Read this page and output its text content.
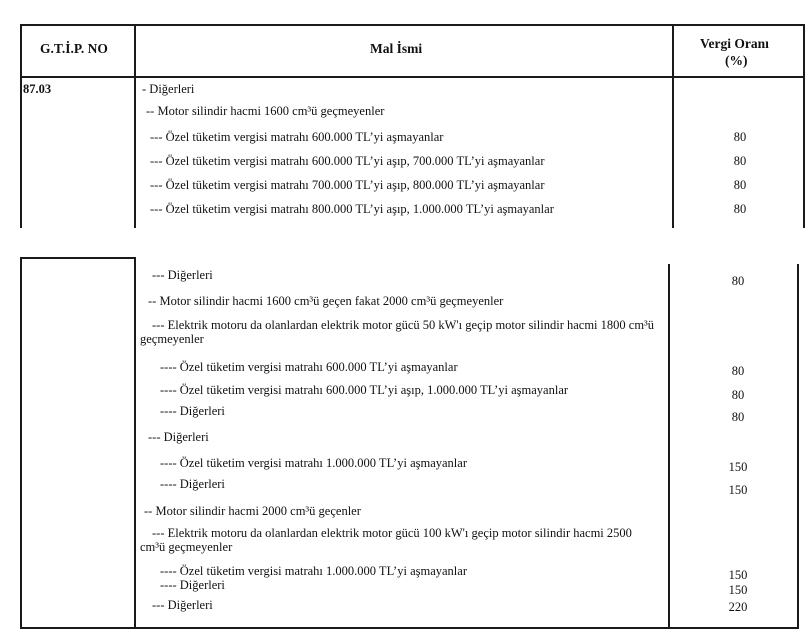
G.T.İ.P. NO	Mal İsmi	Vergi Oranı
(%)
87.03	- Diğerleri
-- Motor silindir hacmi 1600 cm³ü geçmeyenler
--- Özel tüketim vergisi matrahı 600.000 TL’yi aşmayanlar	80
--- Özel tüketim vergisi matrahı 600.000 TL’yi aşıp, 700.000 TL’yi aşmayanlar	80
--- Özel tüketim vergisi matrahı 700.000 TL’yi aşıp, 800.000 TL’yi aşmayanlar	80
--- Özel tüketim vergisi matrahı 800.000 TL’yi aşıp, 1.000.000 TL’yi aşmayanlar	80
--- Diğerleri	80
-- Motor silindir hacmi 1600 cm³ü geçen fakat 2000 cm³ü geçmeyenler
--- Elektrik motoru da olanlardan elektrik motor gücü 50 kW'ı geçip motor silindir hacmi 1800 cm³ü geçmeyenler
---- Özel tüketim vergisi matrahı 600.000 TL’yi aşmayanlar	80
---- Özel tüketim vergisi matrahı 600.000 TL’yi aşıp, 1.000.000 TL’yi aşmayanlar	80
---- Diğerleri	80
--- Diğerleri
---- Özel tüketim vergisi matrahı 1.000.000 TL’yi aşmayanlar	150
---- Diğerleri	150
-- Motor silindir hacmi 2000 cm³ü geçenler
--- Elektrik motoru da olanlardan elektrik motor gücü 100 kW'ı geçip motor silindir hacmi 2500 cm³ü geçmeyenler
---- Özel tüketim vergisi matrahı 1.000.000 TL’yi aşmayanlar	150
---- Diğerleri	150
--- Diğerleri	220
